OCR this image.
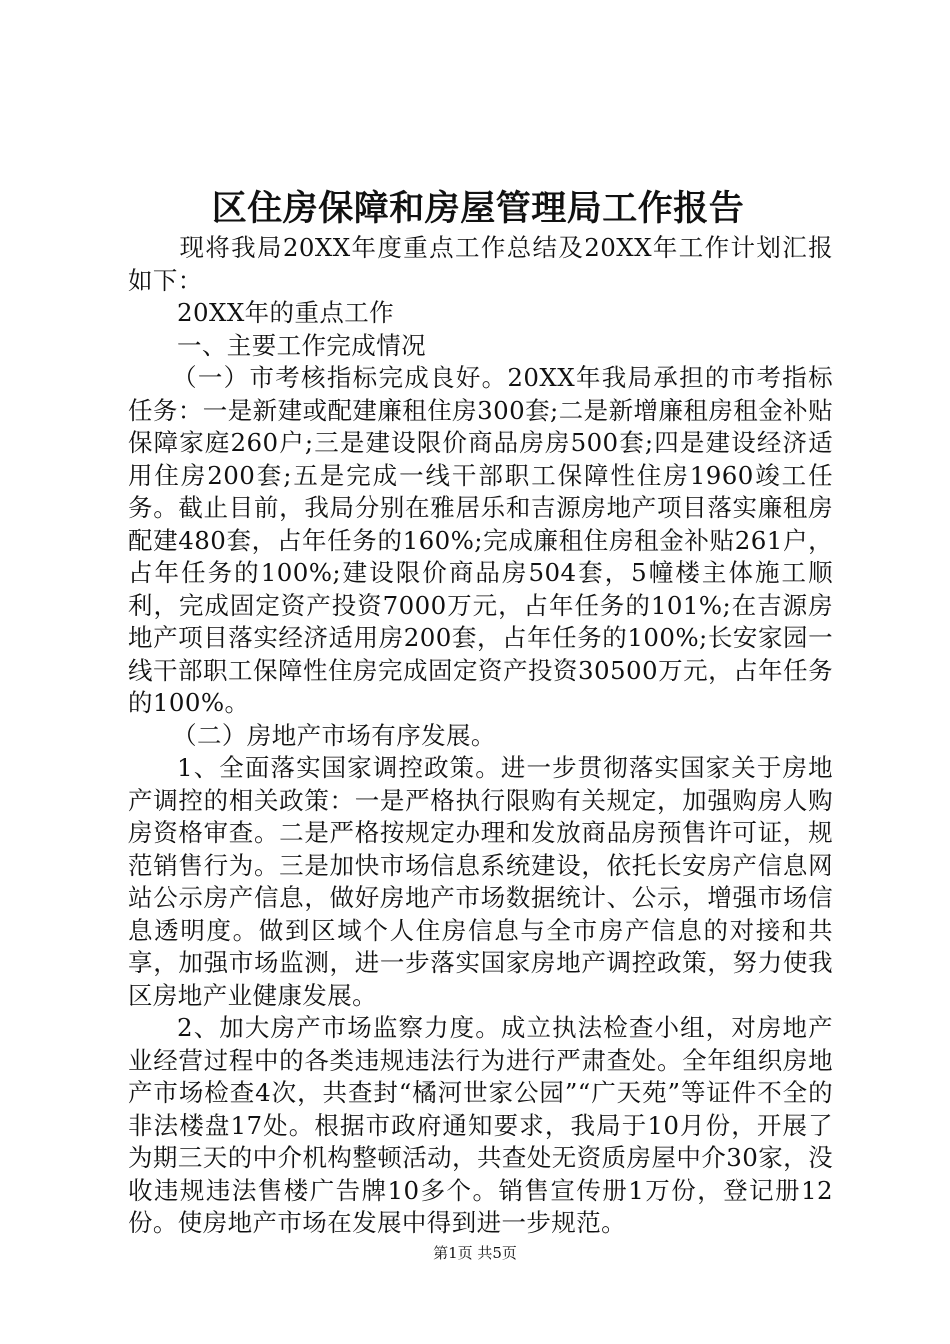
区住房保障和房屋管理局工作报告

现将我局20XX年度重点工作总结及20XX年工作计划汇报如下：

20XX年的重点工作

一、主要工作完成情况

（一）市考核指标完成良好。20XX年我局承担的市考指标任务：一是新建或配建廉租住房300套;二是新增廉租房租金补贴保障家庭260户;三是建设限价商品房房500套;四是建设经济适用住房200套;五是完成一线干部职工保障性住房1960竣工任务。截止目前，我局分别在雅居乐和吉源房地产项目落实廉租房配建480套，占年任务的160%;完成廉租住房租金补贴261户，占年任务的100%;建设限价商品房504套，5幢楼主体施工顺利，完成固定资产投资7000万元，占年任务的101%;在吉源房地产项目落实经济适用房200套，占年任务的100%;长安家园一线干部职工保障性住房完成固定资产投资30500万元，占年任务的100%。

（二）房地产市场有序发展。

1、全面落实国家调控政策。进一步贯彻落实国家关于房地产调控的相关政策：一是严格执行限购有关规定，加强购房人购房资格审查。二是严格按规定办理和发放商品房预售许可证，规范销售行为。三是加快市场信息系统建设，依托长安房产信息网站公示房产信息，做好房地产市场数据统计、公示，增强市场信息透明度。做到区域个人住房信息与全市房产信息的对接和共享，加强市场监测，进一步落实国家房地产调控政策，努力使我区房地产业健康发展。

2、加大房产市场监察力度。成立执法检查小组，对房地产业经营过程中的各类违规违法行为进行严肃查处。全年组织房地产市场检查4次，共查封“橘河世家公园”“广天苑”等证件不全的非法楼盘17处。根据市政府通知要求，我局于10月份，开展了为期三天的中介机构整顿活动，共查处无资质房屋中介30家，没收违规违法售楼广告牌10多个。销售宣传册1万份，登记册12份。使房地产市场在发展中得到进一步规范。

第1页 共5页
